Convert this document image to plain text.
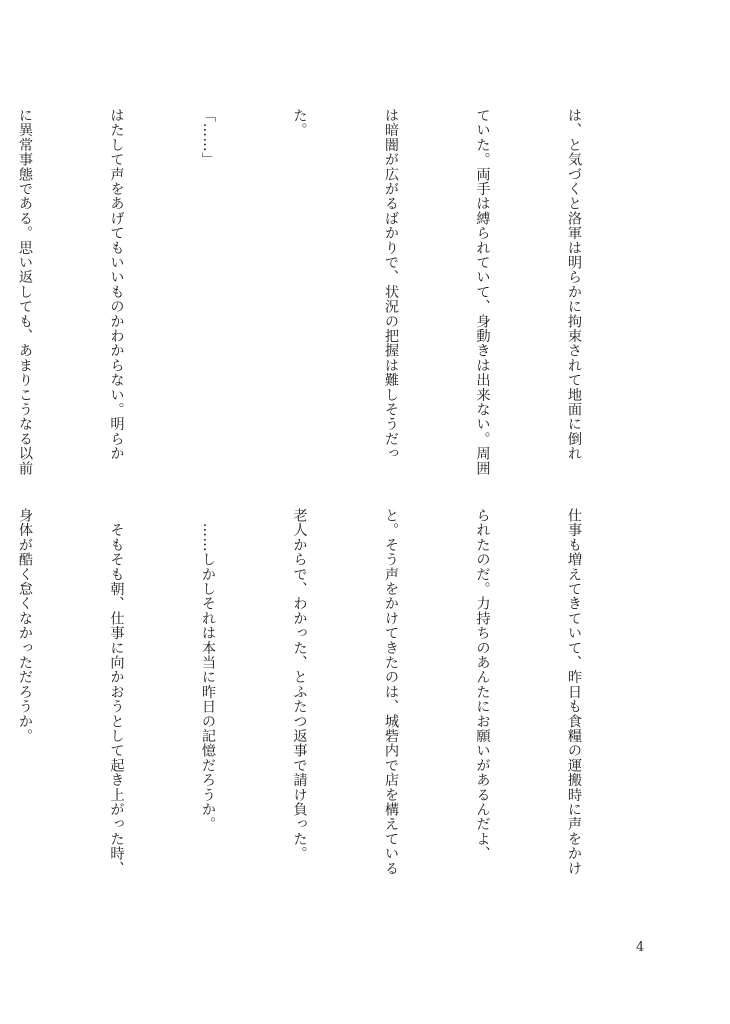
は、と気づくと洛軍は明らかに拘束されて地面に倒れ

ていた。両手は縛られていて、身動きは出来ない。周囲

は暗闇が広がるばかりで、状況の把握は難しそうだっ

た。

「……」

はたして声をあげてもいいものかわからない。明らか

に異常事態である。思い返しても、あまりこうなる以前

仕事も増えてきていて、昨日も食糧の運搬時に声をかけ

られたのだ。力持ちのあんたにお願いがあるんだよ、

と。そう声をかけてきたのは、城砦内で店を構えている

老人からで、わかった、とふたつ返事で請け負った。

　……しかしそれは本当に昨日の記憶だろうか。

　そもそも朝、仕事に向かおうとして起き上がった時、

身体が酷く怠くなかっただろうか。

4
